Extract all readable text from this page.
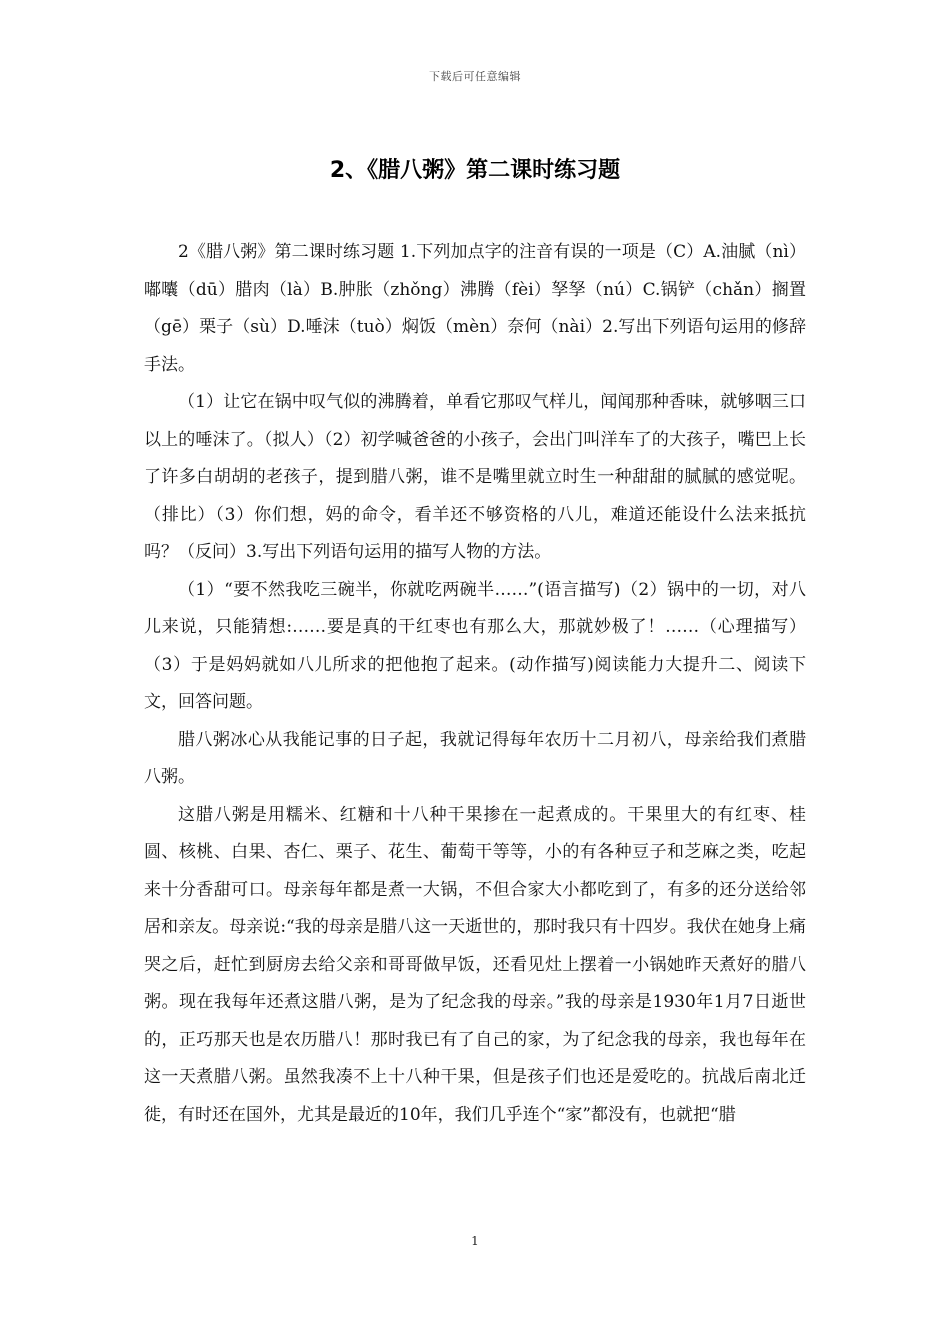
下载后可任意编辑
2、《腊八粥》第二课时练习题

2《腊八粥》第二课时练习题 1.下列加点字的注音有误的一项是（C）A.油腻（nì）嘟囔（dū）腊肉（là）B.肿胀（zhǒng）沸腾（fèi）孥孥（nú）C.锅铲（chǎn）搁置（gē）栗子（sù）D.唾沫（tuò）焖饭（mèn）奈何（nài）2.写出下列语句运用的修辞手法。

（1）让它在锅中叹气似的沸腾着，单看它那叹气样儿，闻闻那种香味，就够咽三口以上的唾沫了。（拟人）（2）初学喊爸爸的小孩子，会出门叫洋车了的大孩子，嘴巴上长了许多白胡胡的老孩子，提到腊八粥，谁不是嘴里就立时生一种甜甜的腻腻的感觉呢。（排比）（3）你们想，妈的命令，看羊还不够资格的八儿，难道还能设什么法来抵抗吗？（反问）3.写出下列语句运用的描写人物的方法。

（1）“要不然我吃三碗半，你就吃两碗半……”(语言描写)（2）锅中的一切，对八儿来说，只能猜想:……要是真的干红枣也有那么大，那就妙极了！……（心理描写）（3）于是妈妈就如八儿所求的把他抱了起来。(动作描写)阅读能力大提升二、阅读下文，回答问题。

腊八粥冰心从我能记事的日子起，我就记得每年农历十二月初八，母亲给我们煮腊八粥。

这腊八粥是用糯米、红糖和十八种干果掺在一起煮成的。干果里大的有红枣、桂圆、核桃、白果、杏仁、栗子、花生、葡萄干等等，小的有各种豆子和芝麻之类，吃起来十分香甜可口。母亲每年都是煮一大锅，不但合家大小都吃到了，有多的还分送给邻居和亲友。母亲说:“我的母亲是腊八这一天逝世的，那时我只有十四岁。我伏在她身上痛哭之后，赶忙到厨房去给父亲和哥哥做早饭，还看见灶上摆着一小锅她昨天煮好的腊八粥。现在我每年还煮这腊八粥，是为了纪念我的母亲。”我的母亲是1930年1月7日逝世的，正巧那天也是农历腊八！那时我已有了自己的家，为了纪念我的母亲，我也每年在这一天煮腊八粥。虽然我凑不上十八种干果，但是孩子们也还是爱吃的。抗战后南北迁徙，有时还在国外，尤其是最近的10年，我们几乎连个“家”都没有，也就把“腊

1
